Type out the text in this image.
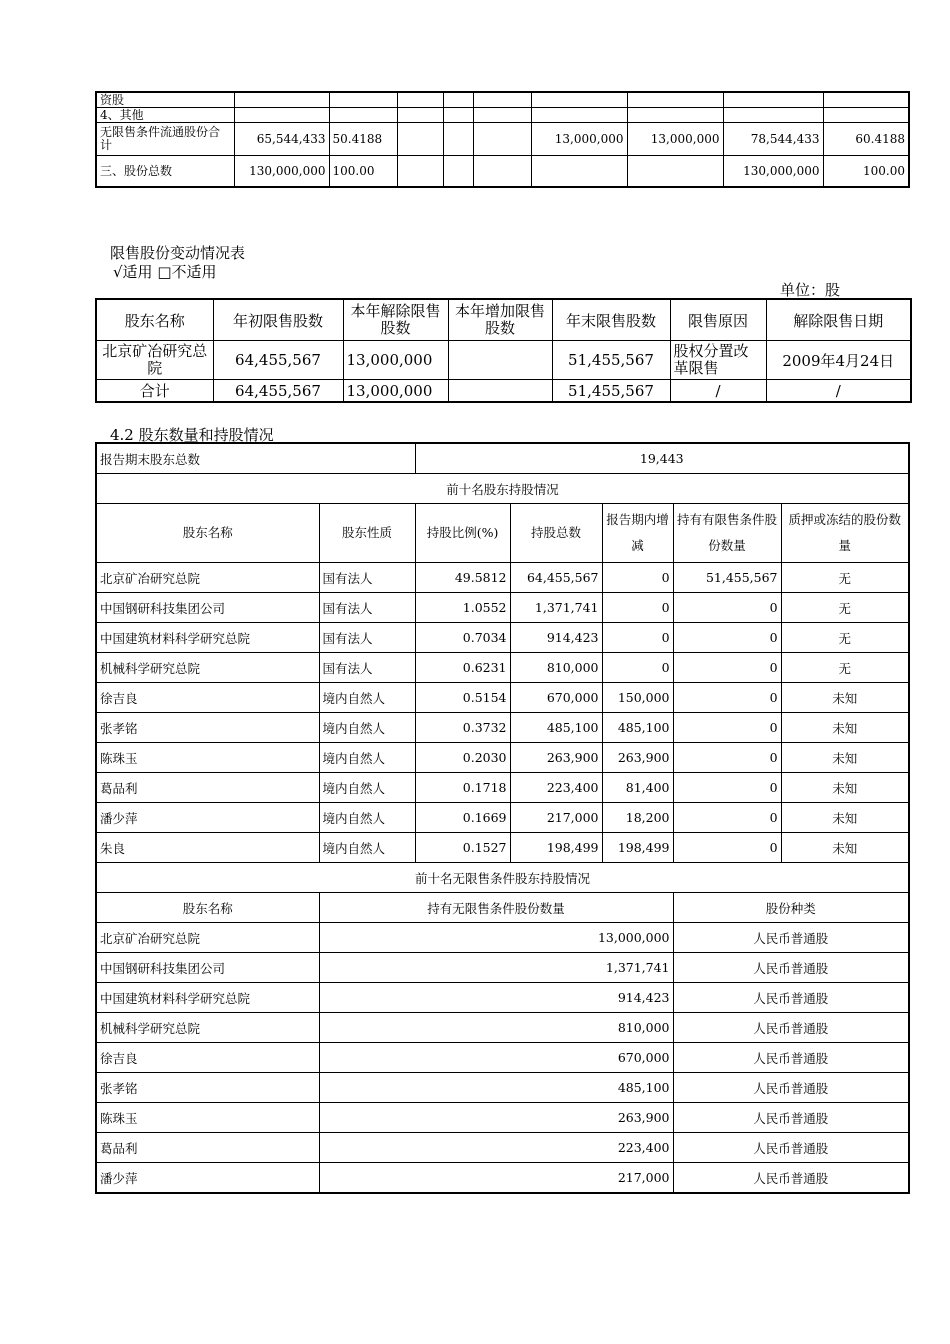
资股									
4、其他									
无限售条件流通股份合计	65,544,433	50.4188				13,000,000	13,000,000	78,544,433	60.4188
三、股份总数	130,000,000	100.00						130,000,000	100.00
限售股份变动情况表
√适用 □不适用
单位：股
股东名称	年初限售股数	本年解除限售股数	本年增加限售股数	年末限售股数	限售原因	解除限售日期
北京矿冶研究总院	64,455,567	13,000,000		51,455,567	股权分置改革限售	2009年4月24日
合计	64,455,567	13,000,000		51,455,567	/	/
4.2 股东数量和持股情况
报告期末股东总数		19,443				
前十名股东持股情况						
股东名称	股东性质	持股比例(%)	持股总数	报告期内增减	持有有限售条件股份数量	质押或冻结的股份数量
北京矿冶研究总院	国有法人	49.5812	64,455,567	0	51,455,567	无
中国钢研科技集团公司	国有法人	1.0552	1,371,741	0	0	无
中国建筑材料科学研究总院	国有法人	0.7034	914,423	0	0	无
机械科学研究总院	国有法人	0.6231	810,000	0	0	无
徐吉良	境内自然人	0.5154	670,000	150,000	0	未知
张孝铭	境内自然人	0.3732	485,100	485,100	0	未知
陈珠玉	境内自然人	0.2030	263,900	263,900	0	未知
葛品利	境内自然人	0.1718	223,400	81,400	0	未知
潘少萍	境内自然人	0.1669	217,000	18,200	0	未知
朱良	境内自然人	0.1527	198,499	198,499	0	未知
前十名无限售条件股东持股情况						
股东名称	持有无限售条件股份数量				股份种类	
北京矿冶研究总院	13,000,000				人民币普通股	
中国钢研科技集团公司	1,371,741				人民币普通股	
中国建筑材料科学研究总院	914,423				人民币普通股	
机械科学研究总院	810,000				人民币普通股	
徐吉良	670,000				人民币普通股	
张孝铭	485,100				人民币普通股	
陈珠玉	263,900				人民币普通股	
葛品利	223,400				人民币普通股	
潘少萍	217,000				人民币普通股	
